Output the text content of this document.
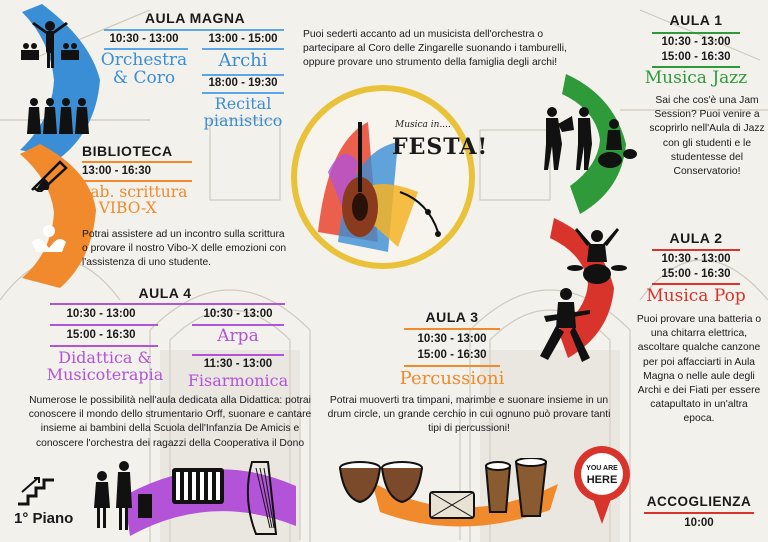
AULA MAGNA
10:30 - 13:00
Orchestra & Coro
13:00 - 15:00
Archi
18:00 - 19:30
Recital pianistico
Puoi sederti accanto ad un musicista dell'orchestra o partecipare al Coro delle Zingarelle suonando i tamburelli, oppure provare uno strumento della famiglia degli archi!
BIBLIOTECA
13:00 - 16:30
Lab. scrittura & VIBO-X
Potrai assistere ad un incontro sulla scrittura o provare il nostro Vibo-X delle emozioni con l'assistenza di uno studente.
Musica in....
FESTA!
AULA 1
10:30 - 13:00
15:00 - 16:30
Musica Jazz
Sai che cos'è una Jam Session? Puoi venire a scoprirlo nell'Aula di Jazz con gli studenti e le studentesse del Conservatorio!
AULA 2
10:30 - 13:00
15:00 - 16:30
Musica Pop
Puoi provare una batteria o una chitarra elettrica, ascoltare qualche canzone per poi affacciarti in Aula Magna o nelle aule degli Archi e dei Fiati per essere catapultato in un'altra epoca.
AULA 4
10:30 - 13:00
15:00 - 16:30
Didattica & Musicoterapia
10:30 - 13:00
Arpa
11:30 - 13:00
Fisarmonica
Numerose le possibilità nell'aula dedicata alla Didattica: potrai conoscere il mondo dello strumentario Orff, suonare e cantare insieme ai bambini della Scuola dell'Infanzia De Amicis e conoscere l'orchestra dei ragazzi della Cooperativa il Dono
1° Piano
AULA 3
10:30 - 13:00
15:00 - 16:30
Percussioni
Potrai muoverti tra timpani, marimbe e suonare insieme in un drum circle, un grande cerchio in cui ognuno può provare tanti tipi di percussioni!
YOU ARE
HERE
ACCOGLIENZA
10:00
